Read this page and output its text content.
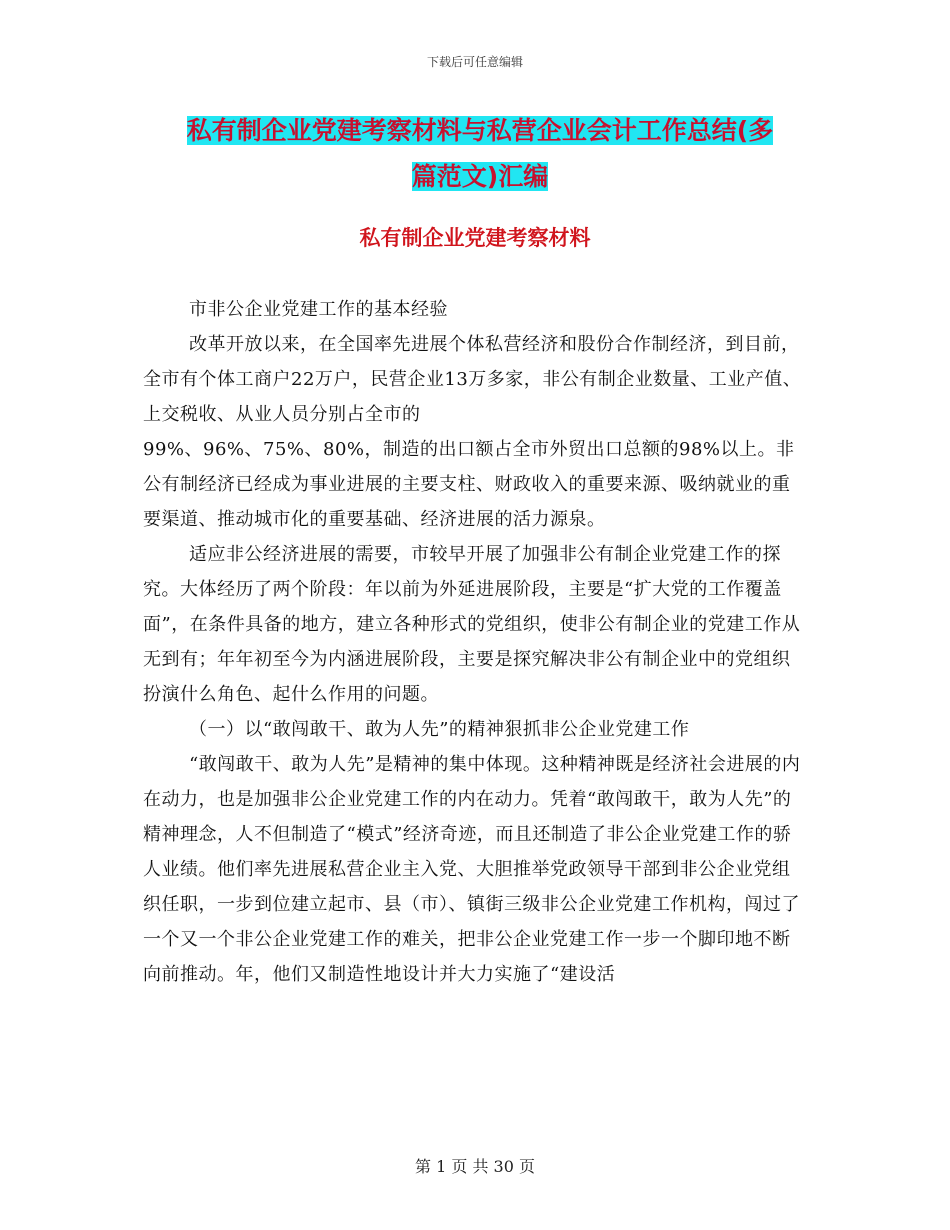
下载后可任意编辑
私有制企业党建考察材料与私营企业会计工作总结(多
篇范文)汇编
私有制企业党建考察材料

市非公企业党建工作的基本经验

改革开放以来，在全国率先进展个体私营经济和股份合作制经济，到目前，全市有个体工商户22万户，民营企业13万多家，非公有制企业数量、工业产值、上交税收、从业人员分别占全市的

99%、96%、75%、80%，制造的出口额占全市外贸出口总额的98%以上。非公有制经济已经成为事业进展的主要支柱、财政收入的重要来源、吸纳就业的重要渠道、推动城市化的重要基础、经济进展的活力源泉。

适应非公经济进展的需要，市较早开展了加强非公有制企业党建工作的探究。大体经历了两个阶段：年以前为外延进展阶段，主要是“扩大党的工作覆盖面”，在条件具备的地方，建立各种形式的党组织，使非公有制企业的党建工作从无到有；年年初至今为内涵进展阶段，主要是探究解决非公有制企业中的党组织扮演什么角色、起什么作用的问题。

（一）以“敢闯敢干、敢为人先”的精神狠抓非公企业党建工作

“敢闯敢干、敢为人先”是精神的集中体现。这种精神既是经济社会进展的内在动力，也是加强非公企业党建工作的内在动力。凭着“敢闯敢干，敢为人先”的精神理念，人不但制造了“模式”经济奇迹，而且还制造了非公企业党建工作的骄人业绩。他们率先进展私营企业主入党、大胆推举党政领导干部到非公企业党组织任职，一步到位建立起市、县（市）、镇街三级非公企业党建工作机构，闯过了一个又一个非公企业党建工作的难关，把非公企业党建工作一步一个脚印地不断向前推动。年，他们又制造性地设计并大力实施了“建设活

第 1 页 共 30 页
